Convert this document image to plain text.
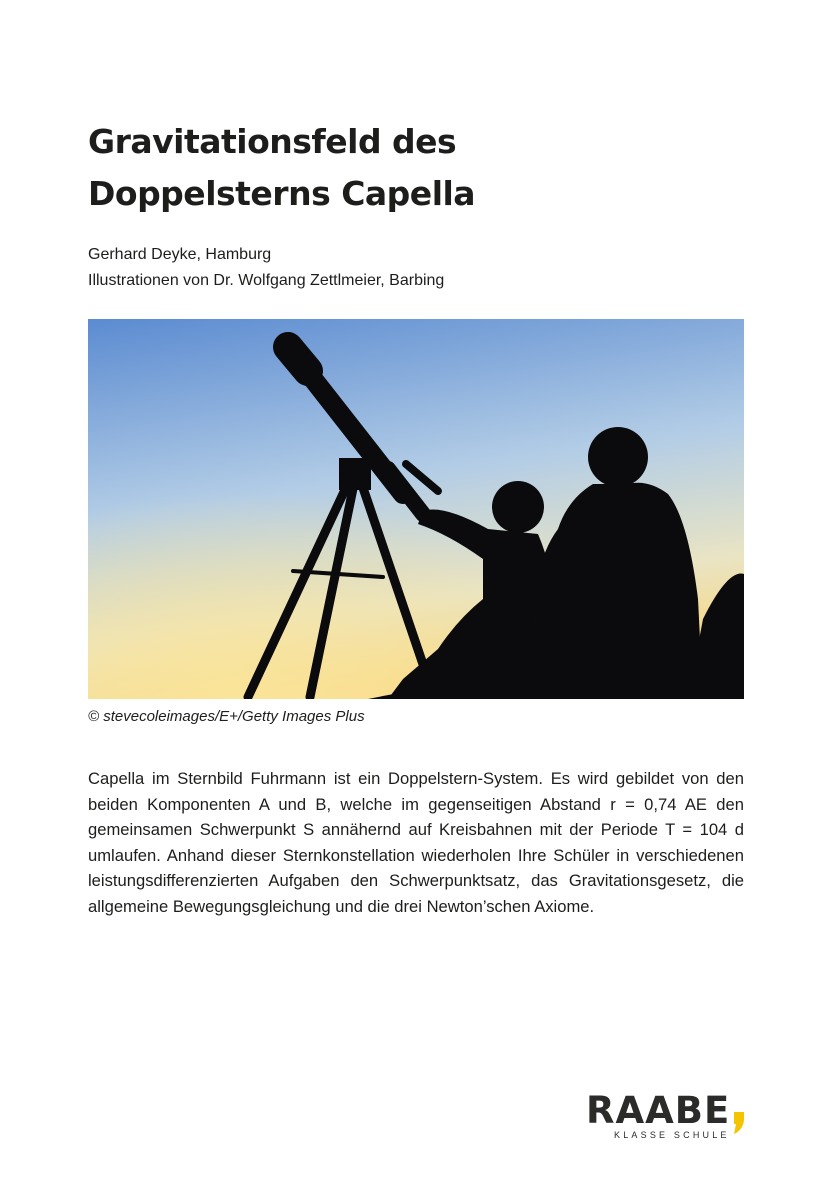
Gravitationsfeld des
Doppelsterns Capella
Gerhard Deyke, Hamburg
Illustrationen von Dr. Wolfgang Zettlmeier, Barbing
© stevecoleimages/E+/Getty Images Plus

Capella im Sternbild Fuhrmann ist ein Doppelstern-System. Es wird gebildet von den beiden Komponenten A und B, welche im gegenseitigen Abstand r = 0,74 AE den gemeinsamen Schwerpunkt S annähernd auf Kreisbahnen mit der Periode T = 104 d umlaufen. Anhand dieser Sternkonstellation wiederholen Ihre Schüler in verschiedenen leistungsdifferenzierten Aufgaben den Schwerpunktsatz, das Gravitationsgesetz, die allgemeine Bewegungsgleichung und die drei Newton’schen Axiome.

RAABE
KLASSE SCHULE
